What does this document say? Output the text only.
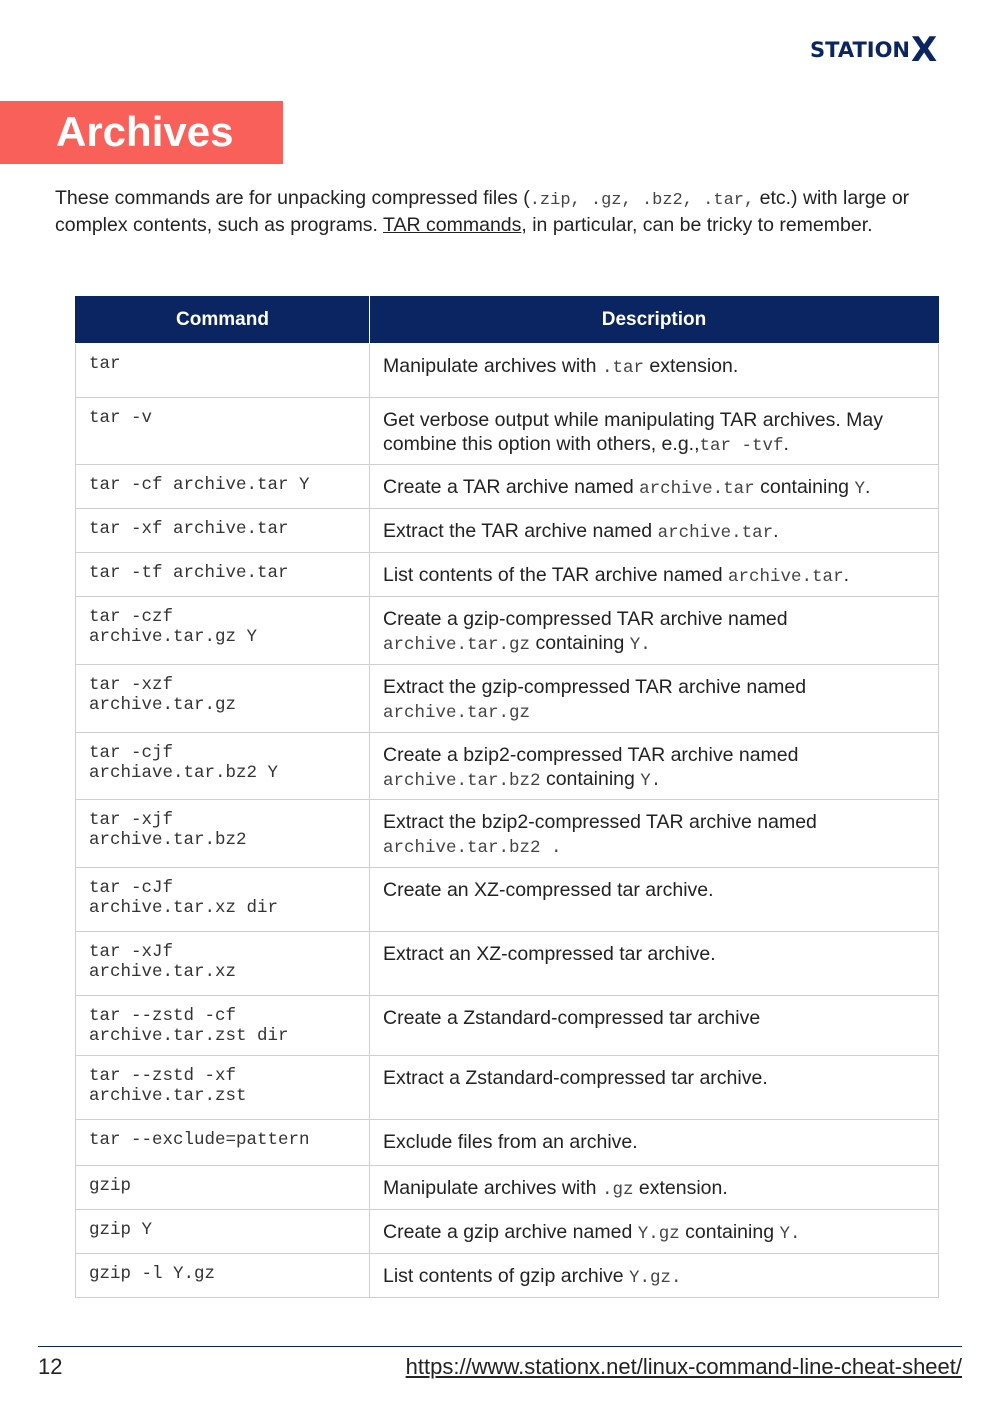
STATION X
Archives

These commands are for unpacking compressed files (.zip, .gz, .bz2, .tar, etc.) with large or complex contents, such as programs. TAR commands, in particular, can be tricky to remember.

Command	Description
tar	Manipulate archives with .tar extension.
tar -v	Get verbose output while manipulating TAR archives. May combine this option with others, e.g.,tar -tvf.
tar -cf archive.tar Y	Create a TAR archive named archive.tar containing Y.
tar -xf archive.tar	Extract the TAR archive named archive.tar.
tar -tf archive.tar	List contents of the TAR archive named archive.tar.
tar -czf
archive.tar.gz Y	Create a gzip-compressed TAR archive named archive.tar.gz containing Y.
tar -xzf
archive.tar.gz	Extract the gzip-compressed TAR archive named archive.tar.gz
tar -cjf
archiave.tar.bz2 Y	Create a bzip2-compressed TAR archive named archive.tar.bz2 containing Y.
tar -xjf
archive.tar.bz2	Extract the bzip2-compressed TAR archive named archive.tar.bz2 .
tar -cJf
archive.tar.xz dir	Create an XZ-compressed tar archive.
tar -xJf
archive.tar.xz	Extract an XZ-compressed tar archive.
tar --zstd -cf
archive.tar.zst dir	Create a Zstandard-compressed tar archive
tar --zstd -xf
archive.tar.zst	Extract a Zstandard-compressed tar archive.
tar --exclude=pattern	Exclude files from an archive.
gzip	Manipulate archives with .gz extension.
gzip Y	Create a gzip archive named Y.gz containing Y.
gzip -l Y.gz	List contents of gzip archive Y.gz.
12	https://www.stationx.net/linux-command-line-cheat-sheet/
